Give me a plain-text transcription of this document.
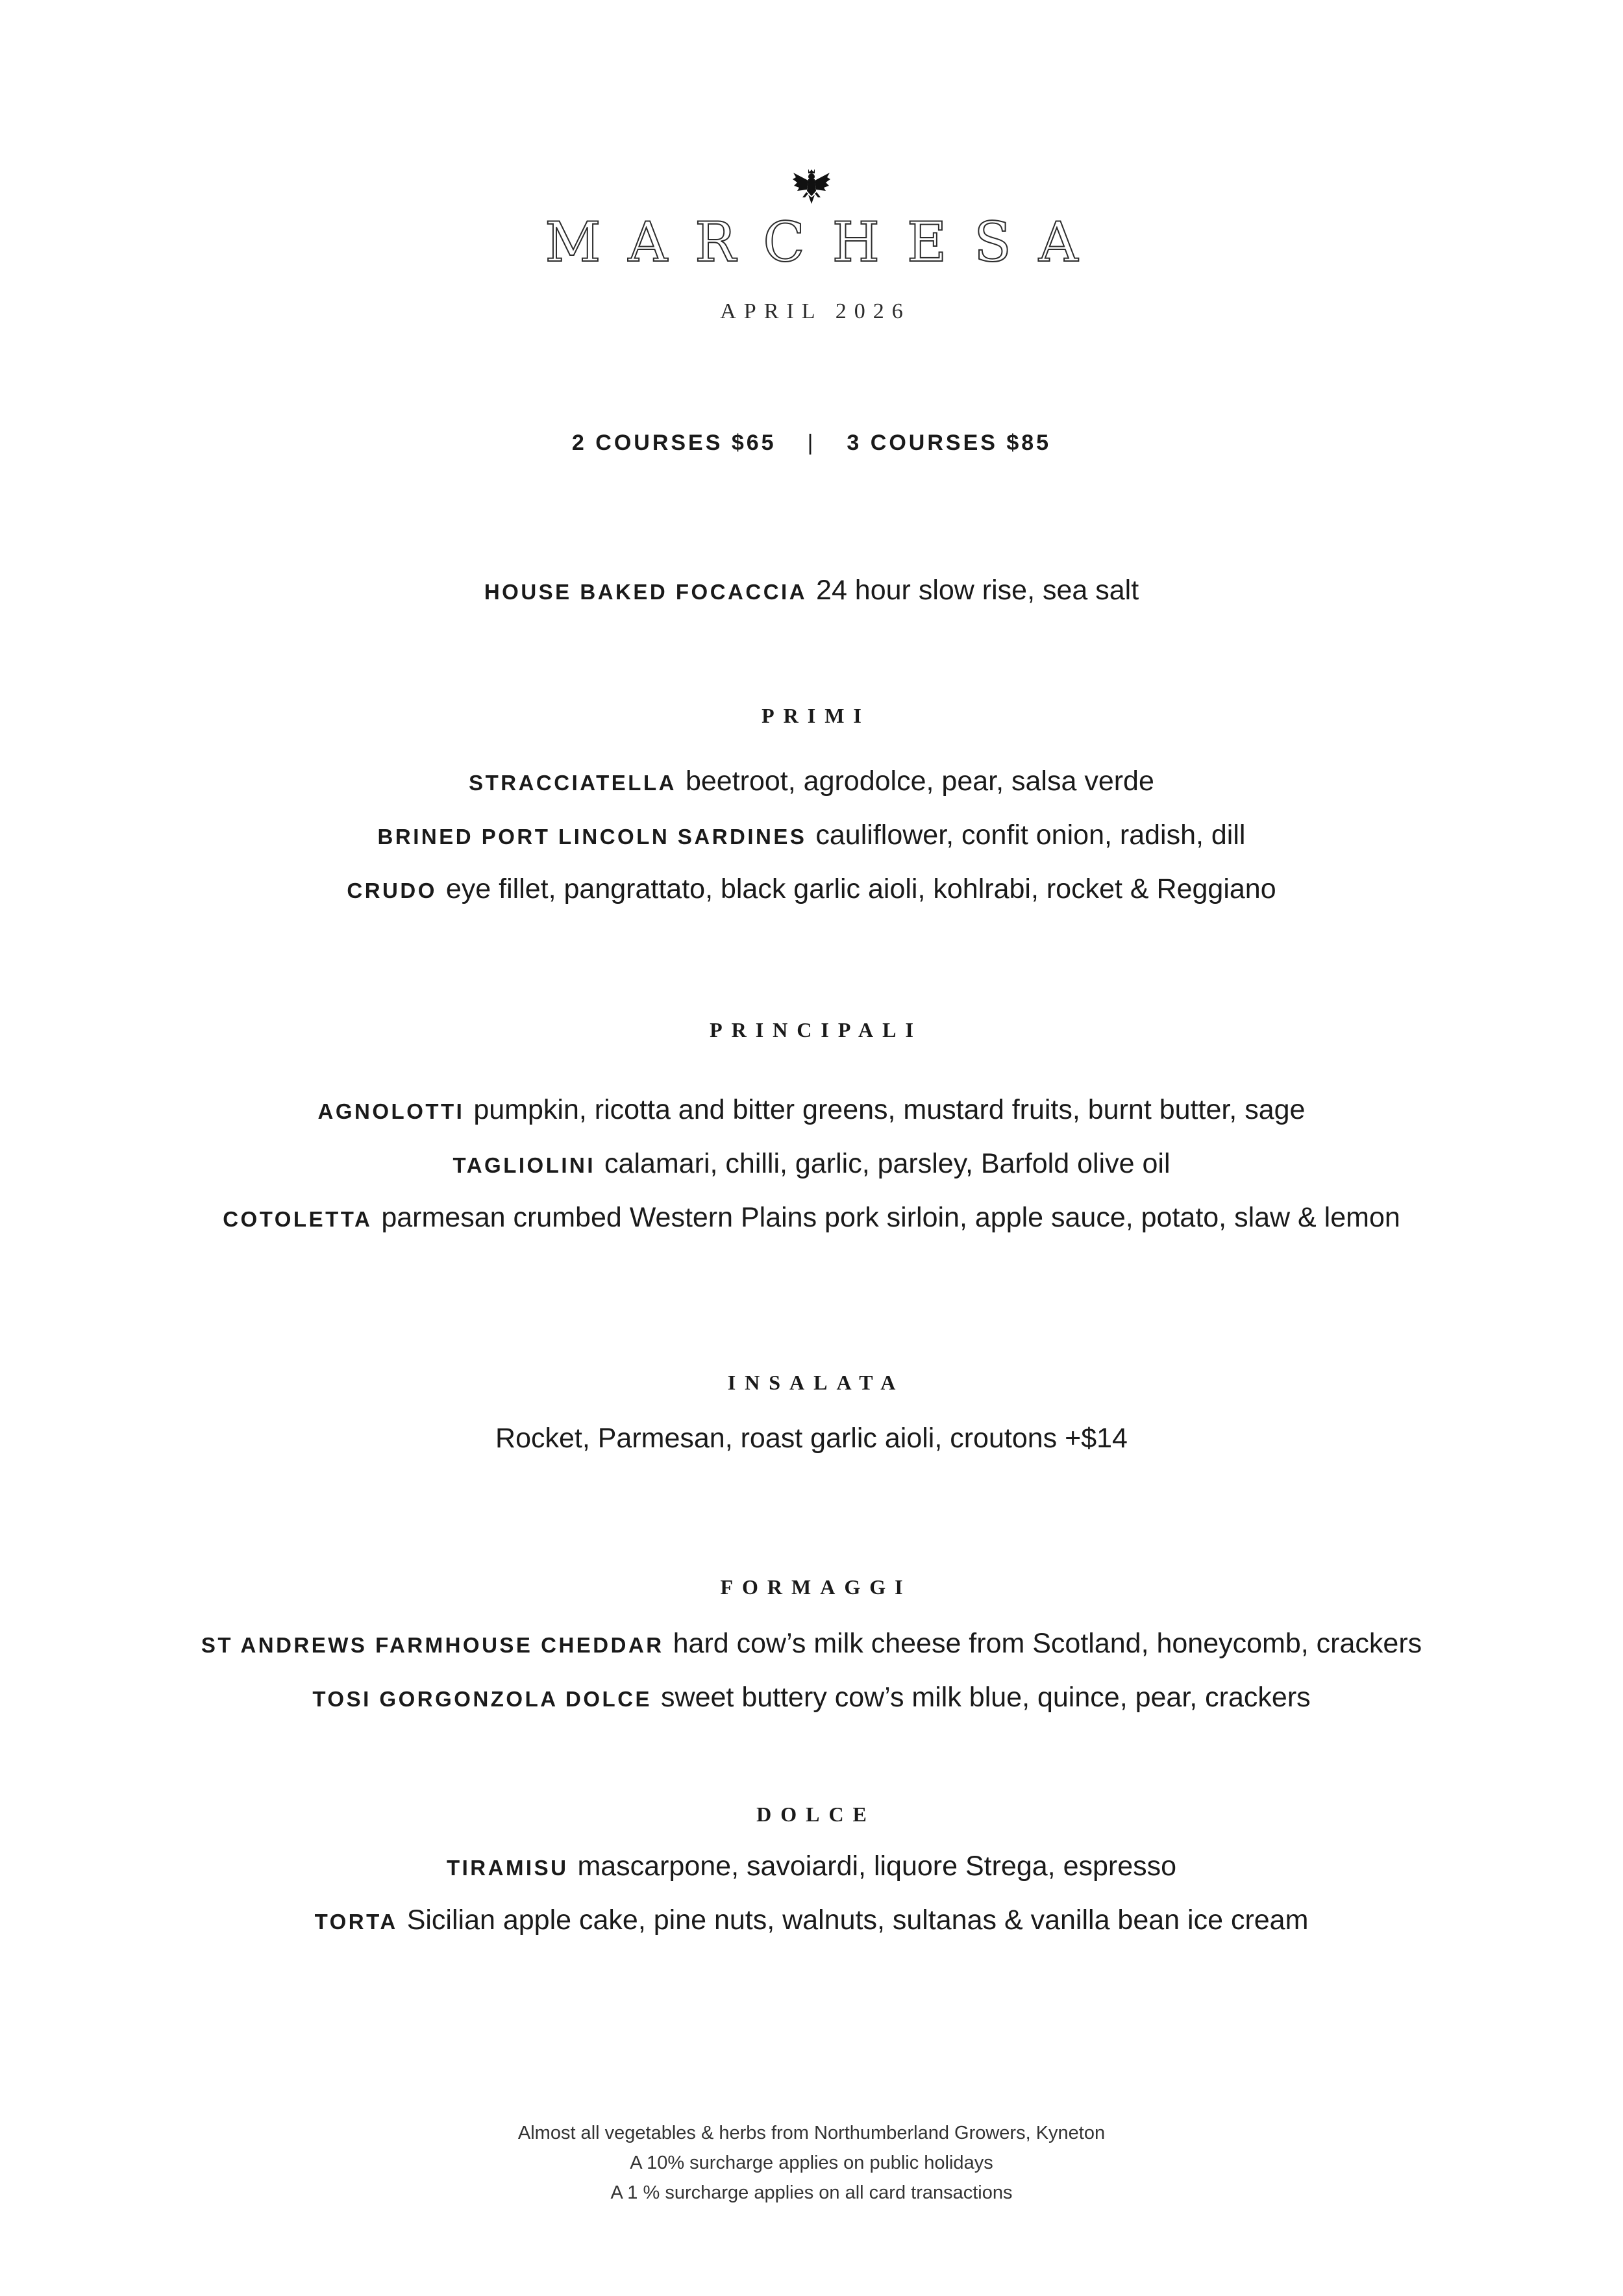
MARCHESA
APRIL 2026
2 COURSES $65 | 3 COURSES $85
HOUSE BAKED FOCACCIA 24 hour slow rise, sea salt
PRIMI
STRACCIATELLA beetroot, agrodolce, pear, salsa verde
BRINED PORT LINCOLN SARDINES cauliflower, confit onion, radish, dill
CRUDO eye fillet, pangrattato, black garlic aioli, kohlrabi, rocket & Reggiano
PRINCIPALI
AGNOLOTTI pumpkin, ricotta and bitter greens, mustard fruits, burnt butter, sage
TAGLIOLINI calamari, chilli, garlic, parsley, Barfold olive oil
COTOLETTA parmesan crumbed Western Plains pork sirloin, apple sauce, potato, slaw & lemon
INSALATA
Rocket, Parmesan, roast garlic aioli, croutons +$14
FORMAGGI
ST ANDREWS FARMHOUSE CHEDDAR hard cow’s milk cheese from Scotland, honeycomb, crackers
TOSI GORGONZOLA DOLCE sweet buttery cow’s milk blue, quince, pear, crackers
DOLCE
TIRAMISU mascarpone, savoiardi, liquore Strega, espresso
TORTA Sicilian apple cake, pine nuts, walnuts, sultanas & vanilla bean ice cream
Almost all vegetables & herbs from Northumberland Growers, Kyneton
A 10% surcharge applies on public holidays
A 1 % surcharge applies on all card transactions
